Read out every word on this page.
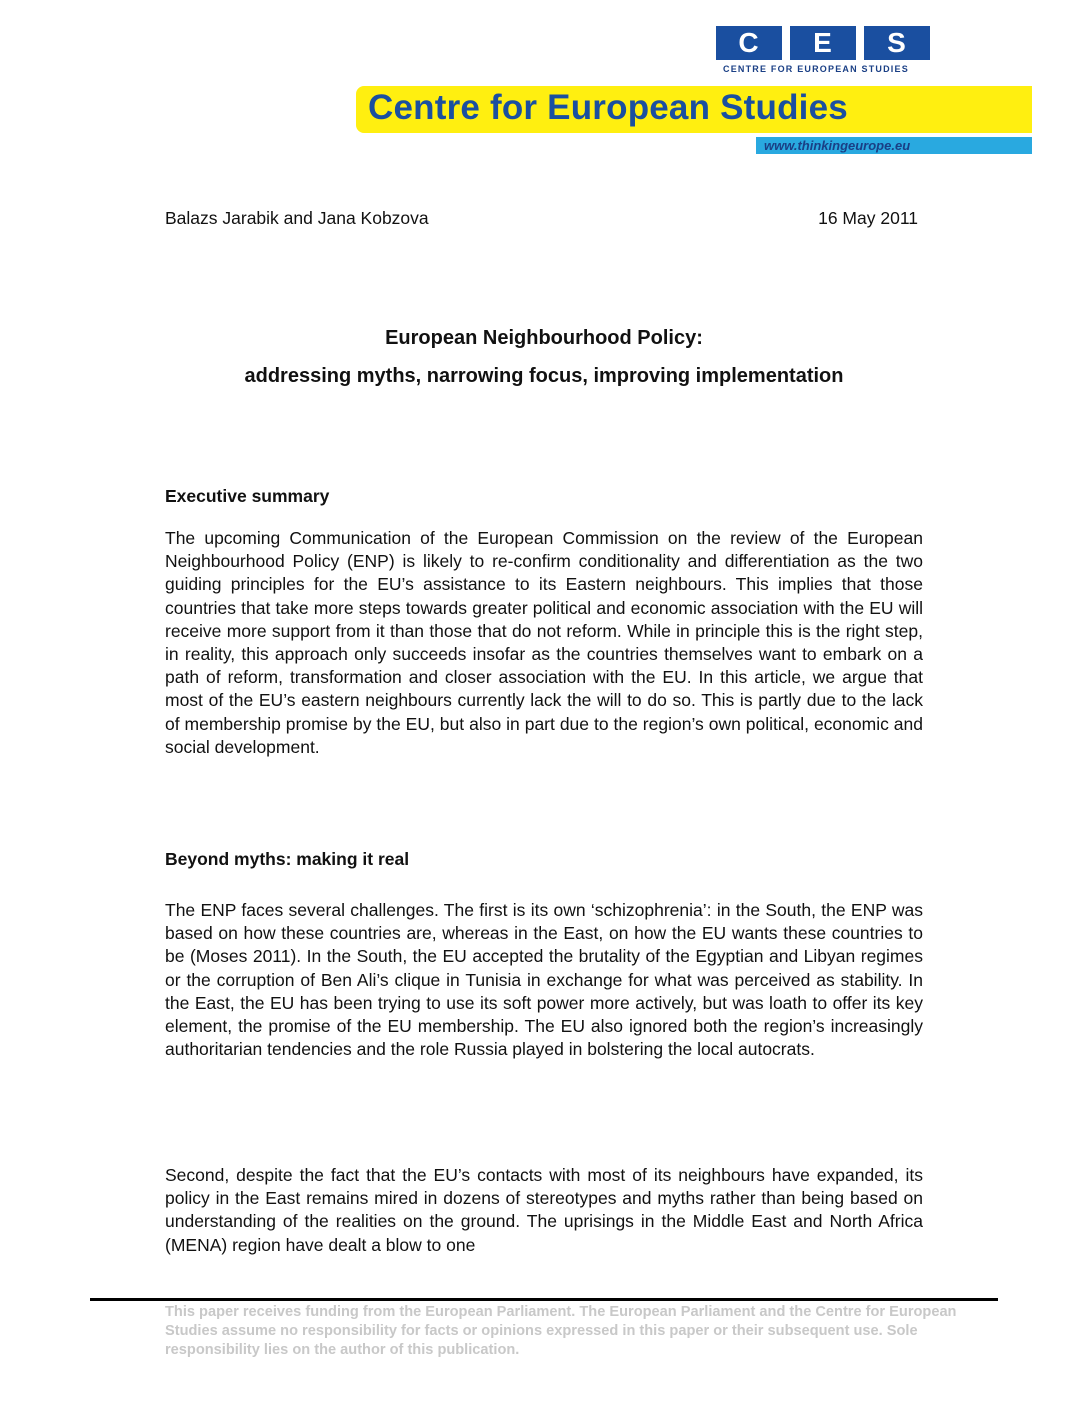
C	E	S
CENTRE FOR EUROPEAN STUDIES
Centre for European Studies
www.thinkingeurope.eu
Balazs Jarabik and Jana Kobzova	16 May 2011
European Neighbourhood Policy:
addressing myths, narrowing focus, improving implementation
Executive summary

The upcoming Communication of the European Commission on the review of the European Neighbourhood Policy (ENP) is likely to re-confirm conditionality and differentiation as the two guiding principles for the EU’s assistance to its Eastern neighbours. This implies that those countries that take more steps towards greater political and economic association with the EU will receive more support from it than those that do not reform. While in principle this is the right step, in reality, this approach only succeeds insofar as the countries themselves want to embark on a path of reform, transformation and closer association with the EU. In this article, we argue that most of the EU’s eastern neighbours currently lack the will to do so. This is partly due to the lack of membership promise by the EU, but also in part due to the region’s own political, economic and social development.

Beyond myths: making it real

The ENP faces several challenges. The first is its own ‘schizophrenia’: in the South, the ENP was based on how these countries are, whereas in the East, on how the EU wants these countries to be (Moses 2011). In the South, the EU accepted the brutality of the Egyptian and Libyan regimes or the corruption of Ben Ali’s clique in Tunisia in exchange for what was perceived as stability. In the East, the EU has been trying to use its soft power more actively, but was loath to offer its key element, the promise of the EU membership. The EU also ignored both the region’s increasingly authoritarian tendencies and the role Russia played in bolstering the local autocrats.

Second, despite the fact that the EU’s contacts with most of its neighbours have expanded, its policy in the East remains mired in dozens of stereotypes and myths rather than being based on understanding of the realities on the ground. The uprisings in the Middle East and North Africa (MENA) region have dealt a blow to one

This paper receives funding from the European Parliament. The European Parliament and the Centre for European Studies assume no responsibility for facts or opinions expressed in this paper or their subsequent use. Sole responsibility lies on the author of this publication.
